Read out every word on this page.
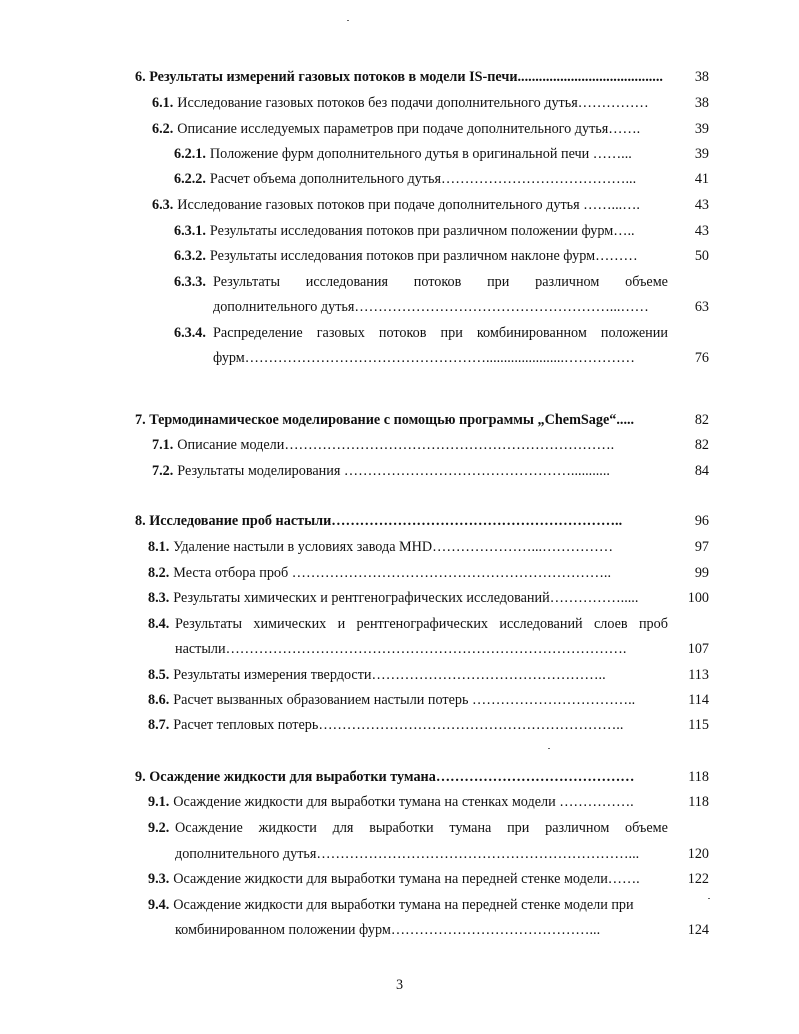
6. Результаты измерений газовых потоков в модели IS-печи.........................................	38
6.1. Исследование газовых потоков без подачи дополнительного дутья……………	38
6.2. Описание исследуемых параметров при подаче дополнительного дутья…….	39
6.2.1. Положение фурм дополнительного дутья в оригинальной печи ……...	39
6.2.2. Расчет объема дополнительного дутья…………………………………...	41
6.3. Исследование газовых потоков при подаче дополнительного дутья ……...….	43
6.3.1. Результаты исследования потоков при различном положении фурм…..	43
6.3.2. Результаты исследования потоков при различном наклоне фурм………	50
6.3.3. Результаты исследования потоков при различном объеме
дополнительного дутья………………………………………………...……	63
6.3.4. Распределение газовых потоков при комбинированном положении
фурм……………………………………………......................……………	76
7. Термодинамическое моделирование с помощью программы „ChemSage“.....	82
7.1. Описание модели…………………………………………………………….	82
7.2. Результаты моделирования …………………………………………...........	84
8. Исследование проб настыли……………………………………………………..	96
8.1. Удаление настыли в условиях завода МНD…………………...……………	97
8.2. Места отбора проб …………………………………………………………..	99
8.3. Результаты химических и рентгенографических исследований…………….....	100
8.4. Результаты химических и рентгенографических исследований слоев проб
настыли………………………………………………………………………….	107
8.5. Результаты измерения твердости…………………………………………..	113
8.6. Расчет вызванных образованием настыли потерь ……………………………..	114
8.7. Расчет тепловых потерь………………………………………………………..	115
9. Осаждение жидкости для выработки тумана……………………………………	118
9.1. Осаждение жидкости для выработки тумана на стенках модели …………….	118
9.2. Осаждение жидкости для выработки тумана при различном объеме
дополнительного дутья…………………………………………………………...	120
9.3. Осаждение жидкости для выработки тумана на передней стенке модели…….	122
9.4. Осаждение жидкости для выработки тумана на передней стенке модели при
комбинированном положении фурм……………………………………...	124
3
